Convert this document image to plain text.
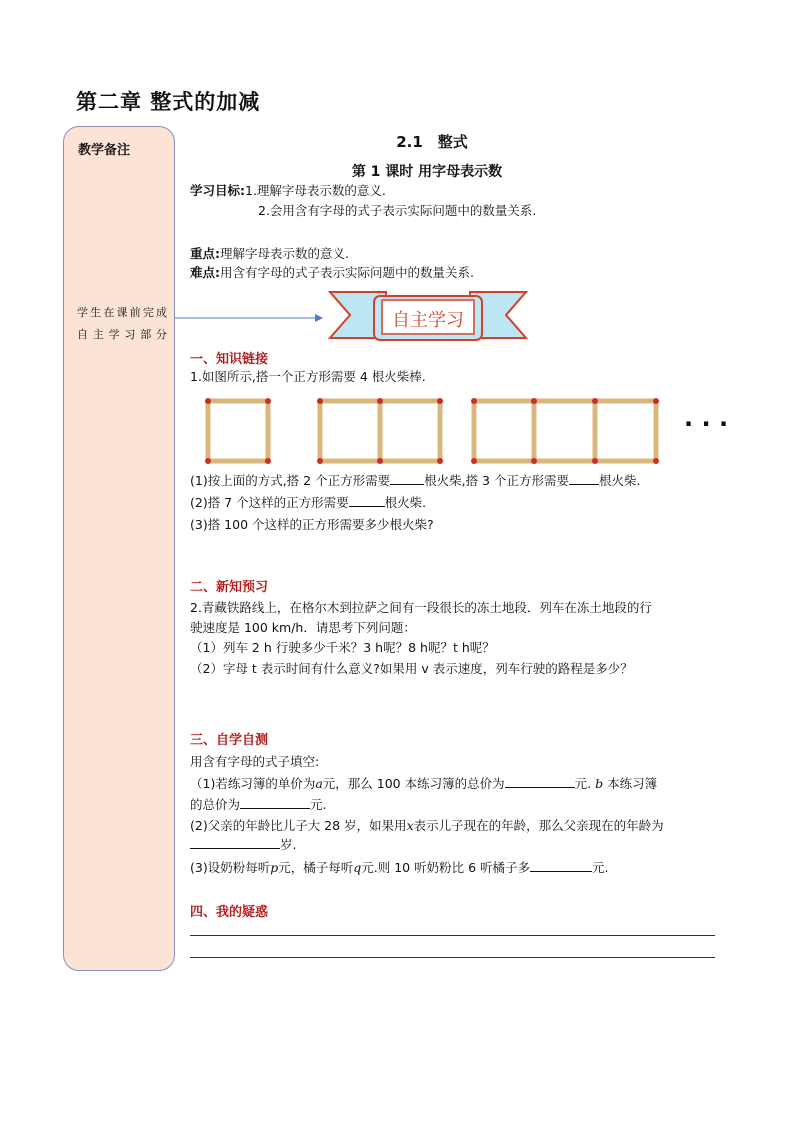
第二章 整式的加减
教学备注
学生在课前完成自主学习部分
2.1　整式
第 1 课时 用字母表示数
学习目标:1.理解字母表示数的意义.
2.会用含有字母的式子表示实际问题中的数量关系.
重点:理解字母表示数的意义.
难点:用含有字母的式子表示实际问题中的数量关系.
自主学习
一、知识链接
1.如图所示,搭一个正方形需要 4 根火柴棒.
· · ·
(1)按上面的方式,搭 2 个正方形需要	根火柴,搭 3 个正方形需要 根火柴.
(2)搭 7 个这样的正方形需要	根火柴.
(3)搭 100 个这样的正方形需要多少根火柴?
二、新知预习
2.青藏铁路线上，在格尔木到拉萨之间有一段很长的冻土地段．列车在冻土地段的行
驶速度是 100 km/h．请思考下列问题：
（1）列车 2 h 行驶多少千米？3 h呢？8 h呢？t h呢？
（2）字母 t 表示时间有什么意义?如果用 v 表示速度，列车行驶的路程是多少？
三、自学自测
用含有字母的式子填空:
（1)若练习簿的单价为a元，那么 100 本练习簿的总价为	元. b 本练习簿
的总价为	元.
(2)父亲的年龄比儿子大 28 岁，如果用x表示儿子现在的年龄，那么父亲现在的年龄为
岁.
(3)设奶粉每听p元，橘子每听q元.则 10 听奶粉比 6 听橘子多	元.
四、我的疑惑
